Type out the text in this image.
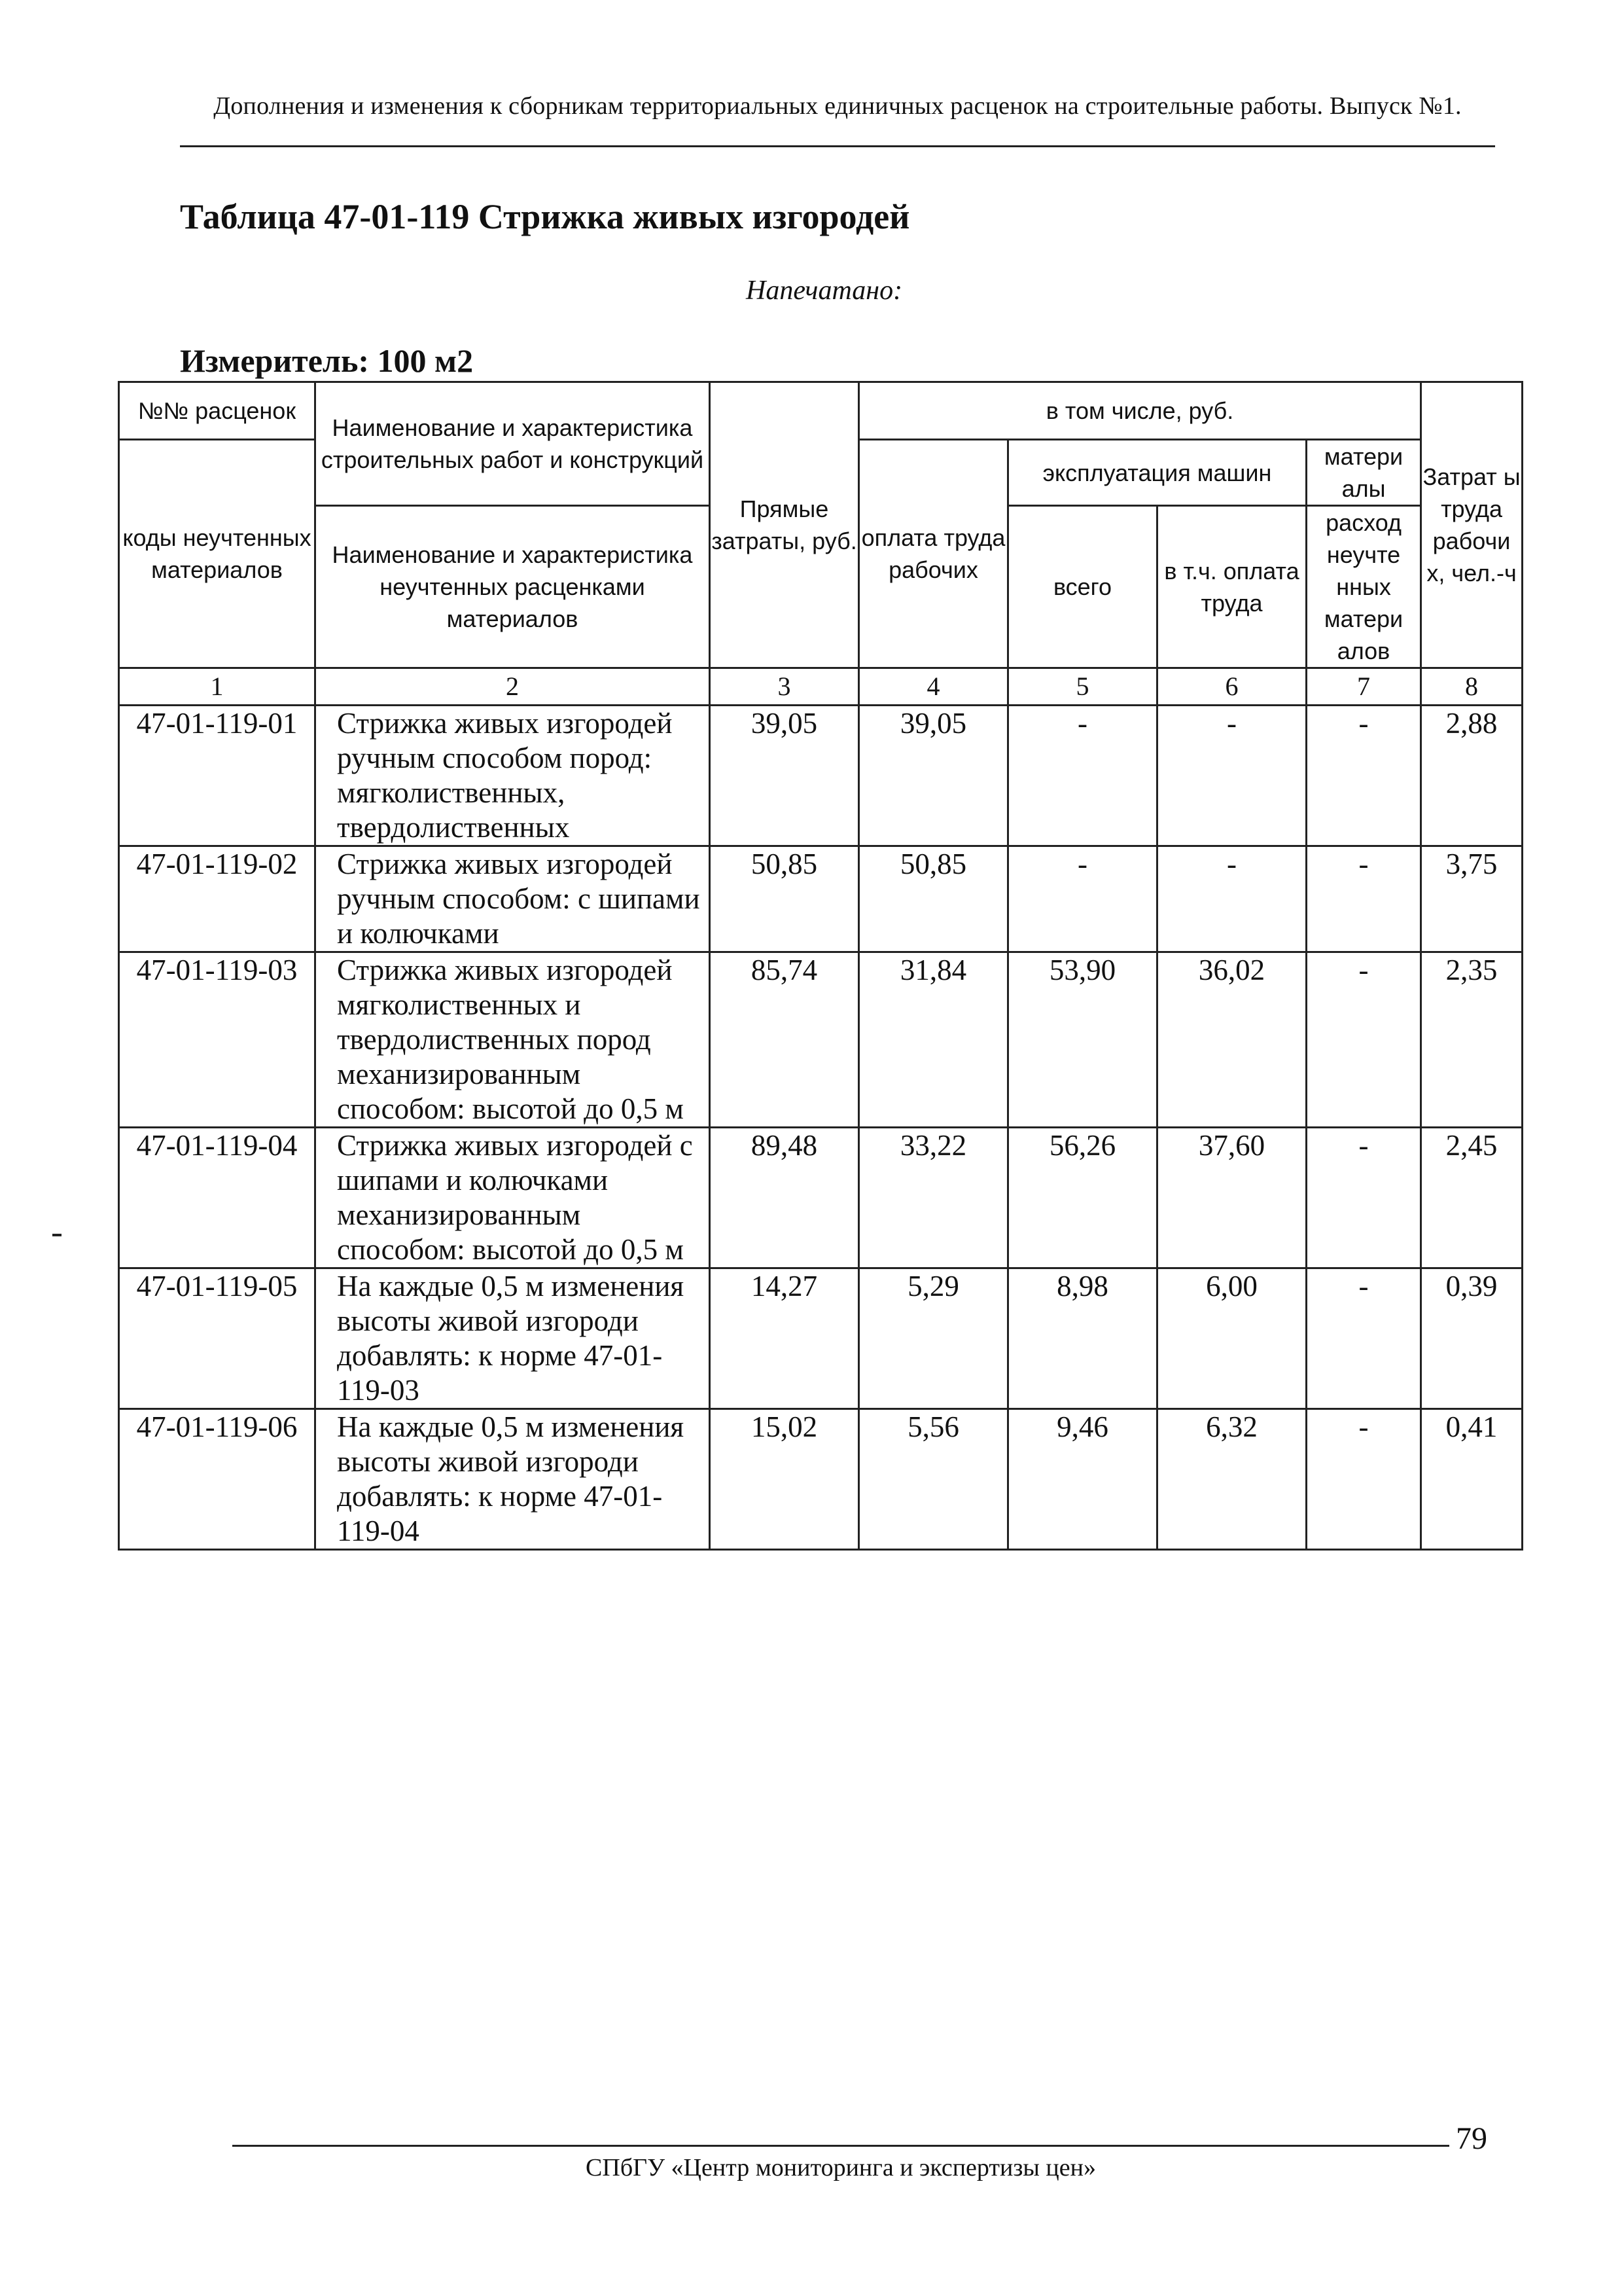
Дополнения и изменения к сборникам территориальных единичных расценок на строительные работы. Выпуск №1.
Таблица 47-01-119 Стрижка живых изгородей
Напечатано:
Измеритель: 100 м2
№№ расценок	Наименование и характеристика строительных работ и конструкций	Прямые затраты, руб.	в том числе, руб.				Затрат ы труда рабочи х, чел.-ч
коды неучтенных материалов			оплата труда рабочих	эксплуатация машин		матери алы	
	Наименование и характеристика неучтенных расценками материалов			всего	в т.ч. оплата труда	расход неучте нных матери алов	

1	2	3	4	5	6	7	8
47-01-119-01	Стрижка живых изгородей ручным способом пород: мягколиственных, твердолиственных	39,05	39,05	-	-	-	2,88
47-01-119-02	Стрижка живых изгородей ручным способом: с шипами и колючками	50,85	50,85	-	-	-	3,75
47-01-119-03	Стрижка живых изгородей мягколиственных и твердолиственных пород механизированным способом: высотой до 0,5 м	85,74	31,84	53,90	36,02	-	2,35
47-01-119-04	Стрижка живых изгородей с шипами и колючками механизированным способом: высотой до 0,5 м	89,48	33,22	56,26	37,60	-	2,45
47-01-119-05	На каждые 0,5 м изменения высоты живой изгороди добавлять: к норме 47-01-119-03	14,27	5,29	8,98	6,00	-	0,39
47-01-119-06	На каждые 0,5 м изменения высоты живой изгороди добавлять: к норме 47-01-119-04	15,02	5,56	9,46	6,32	-	0,41
79
СПбГУ «Центр мониторинга и экспертизы цен»
